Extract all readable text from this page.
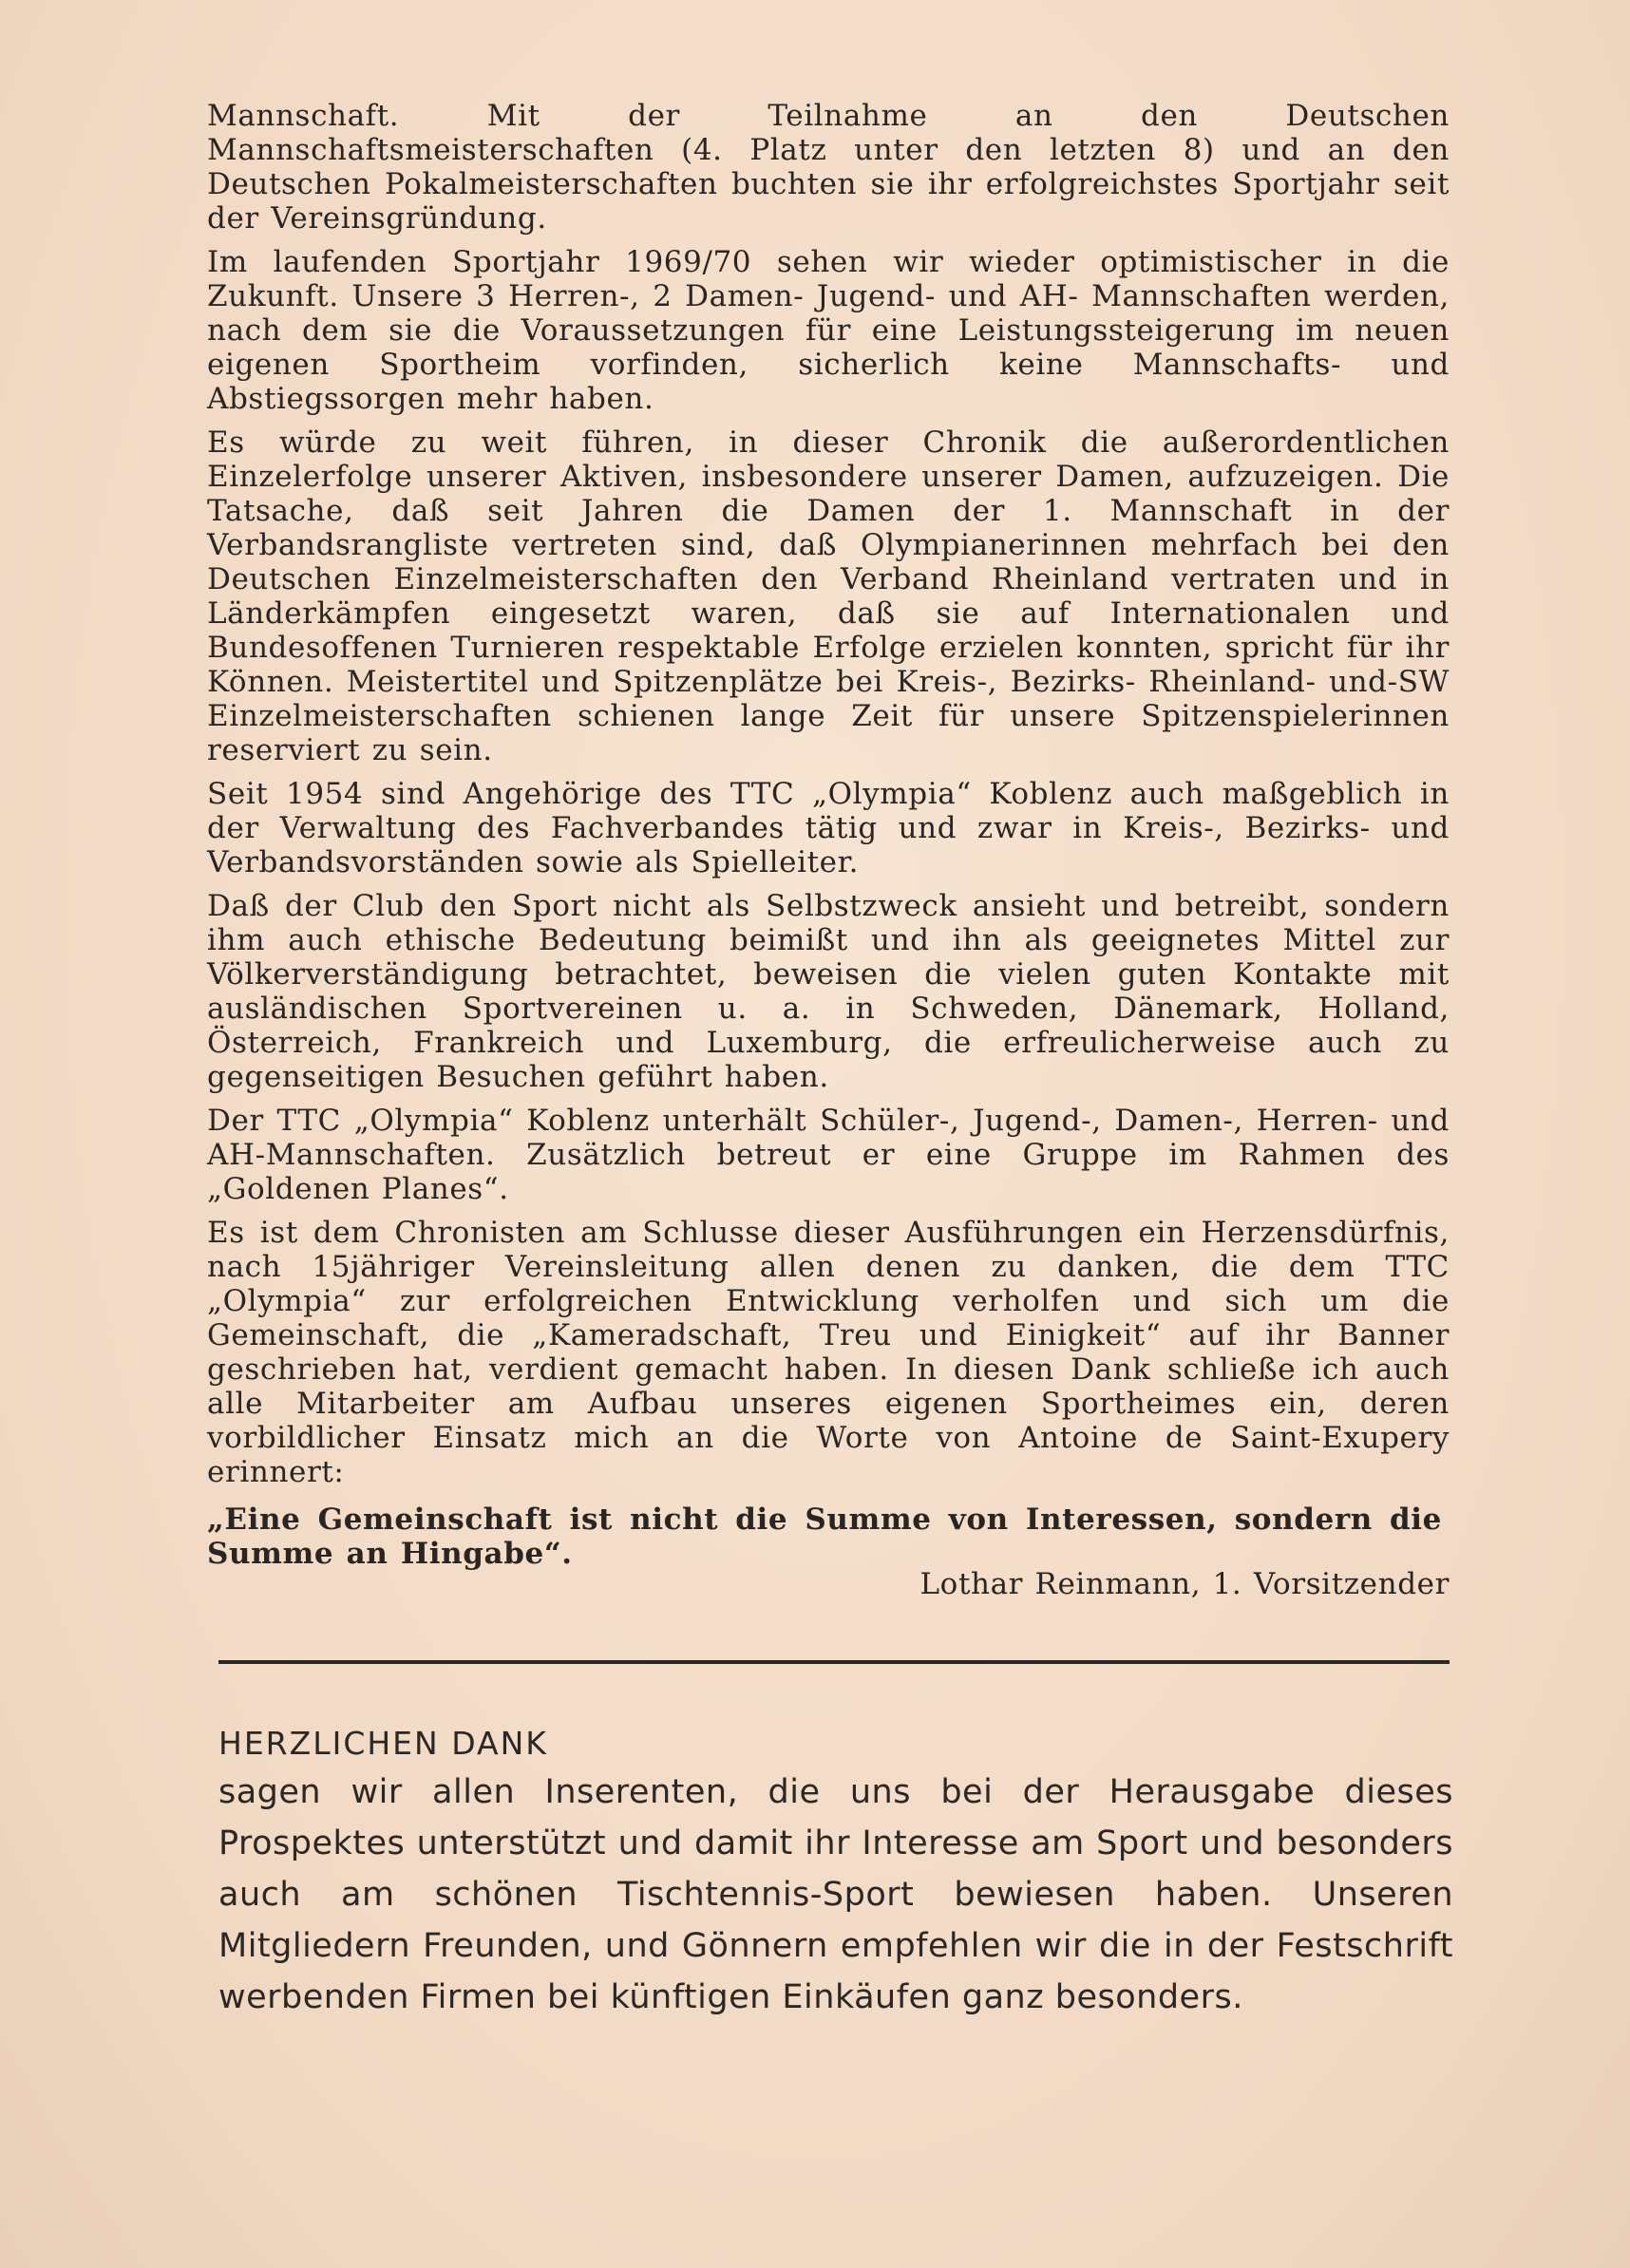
Mannschaft. Mit der Teilnahme an den Deutschen Mannschaftsmeisterschaften (4. Platz unter den letzten 8) und an den Deutschen Pokalmeisterschaften buchten sie ihr erfolgreichstes Sportjahr seit der Vereinsgründung.

Im laufenden Sportjahr 1969/70 sehen wir wieder optimistischer in die Zukunft. Unsere 3 Herren-, 2 Damen- Jugend- und AH- Mannschaften werden, nach dem sie die Voraussetzungen für eine Leistungssteigerung im neuen eigenen Sportheim vorfinden, sicherlich keine Mannschafts- und Abstiegssorgen mehr haben.

Es würde zu weit führen, in dieser Chronik die außerordentlichen Einzelerfolge unserer Aktiven, insbesondere unserer Damen, aufzuzeigen. Die Tatsache, daß seit Jahren die Damen der 1. Mannschaft in der Verbandsrangliste vertreten sind, daß Olympianerinnen mehrfach bei den Deutschen Einzelmeisterschaften den Verband Rheinland vertraten und in Länderkämpfen eingesetzt waren, daß sie auf Internationalen und Bundesoffenen Turnieren respektable Erfolge erzielen konnten, spricht für ihr Können. Meistertitel und Spitzenplätze bei Kreis-, Bezirks- Rheinland- und-SW Einzelmeisterschaften schienen lange Zeit für unsere Spitzenspielerinnen reserviert zu sein.

Seit 1954 sind Angehörige des TTC „Olympia“ Koblenz auch maßgeblich in der Verwaltung des Fachverbandes tätig und zwar in Kreis-, Bezirks- und Verbandsvorständen sowie als Spielleiter.

Daß der Club den Sport nicht als Selbstzweck ansieht und betreibt, sondern ihm auch ethische Bedeutung beimißt und ihn als geeignetes Mittel zur Völkerverständigung betrachtet, beweisen die vielen guten Kontakte mit ausländischen Sportvereinen u. a. in Schweden, Dänemark, Holland, Österreich, Frankreich und Luxemburg, die erfreulicherweise auch zu gegenseitigen Besuchen geführt haben.

Der TTC „Olympia“ Koblenz unterhält Schüler-, Jugend-, Damen-, Herren- und AH-Mannschaften. Zusätzlich betreut er eine Gruppe im Rahmen des „Goldenen Planes“.

Es ist dem Chronisten am Schlusse dieser Ausführungen ein Herzensdürfnis, nach 15jähriger Vereinsleitung allen denen zu danken, die dem TTC „Olympia“ zur erfolgreichen Entwicklung verholfen und sich um die Gemeinschaft, die „Kameradschaft, Treu und Einigkeit“ auf ihr Banner geschrieben hat, verdient gemacht haben. In diesen Dank schließe ich auch alle Mitarbeiter am Aufbau unseres eigenen Sportheimes ein, deren vorbildlicher Einsatz mich an die Worte von Antoine de Saint-Exupery erinnert:

„Eine Gemeinschaft ist nicht die Summe von Interessen, sondern die Summe an Hingabe“.
Lothar Reinmann, 1. Vorsitzender
HERZLICHEN DANK

sagen wir allen Inserenten, die uns bei der Herausgabe dieses Prospektes unterstützt und damit ihr Interesse am Sport und besonders auch am schönen Tischtennis-Sport bewiesen haben. Unseren Mitgliedern Freunden, und Gönnern empfehlen wir die in der Festschrift werbenden Firmen bei künftigen Einkäufen ganz besonders.
